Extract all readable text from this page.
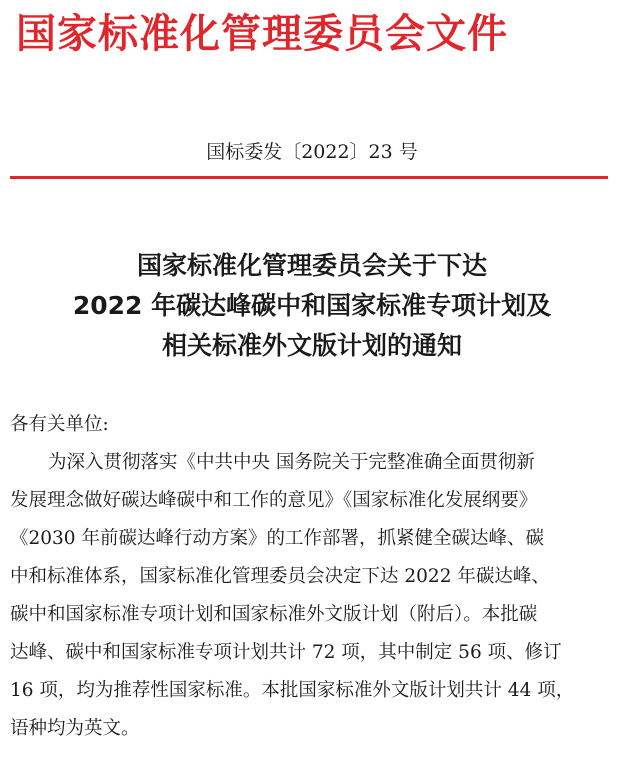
国家标准化管理委员会文件
国标委发〔2022〕23 号
国家标准化管理委员会关于下达
2022 年碳达峰碳中和国家标准专项计划及
相关标准外文版计划的通知
各有关单位:
为深入贯彻落实《中共中央 国务院关于完整准确全面贯彻新
发展理念做好碳达峰碳中和工作的意见》《国家标准化发展纲要》
《2030 年前碳达峰行动方案》的工作部署，抓紧健全碳达峰、碳
中和标准体系，国家标准化管理委员会决定下达 2022 年碳达峰、
碳中和国家标准专项计划和国家标准外文版计划（附后）。本批碳
达峰、碳中和国家标准专项计划共计 72 项，其中制定 56 项、修订
16 项，均为推荐性国家标准。本批国家标准外文版计划共计 44 项，
语种均为英文。
